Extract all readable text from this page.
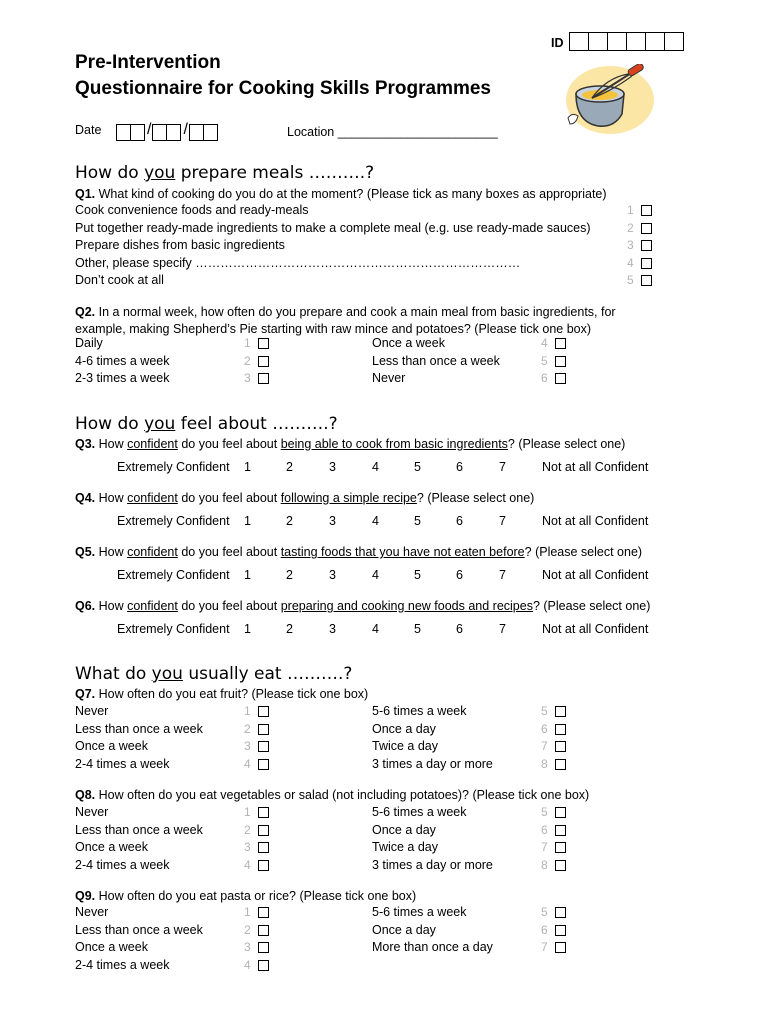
ID
Pre-Intervention
Questionnaire for Cooking Skills Programmes
Date	/ /	Location _______________________
How do you prepare meals ……….?
Q1. What kind of cooking do you do at the moment? (Please tick as many boxes as appropriate)
Cook convenience foods and ready-meals	1
Put together ready-made ingredients to make a complete meal (e.g. use ready-made sauces)	2
Prepare dishes from basic ingredients	3
Other, please specify ……………………………………………………………………	4
Don’t cook at all	5
Q2. In a normal week, how often do you prepare and cook a main meal from basic ingredients, for
example, making Shepherd’s Pie starting with raw mince and potatoes? (Please tick one box)
Daily	1
4-6 times a week	2
2-3 times a week	3
Once a week	4
Less than once a week	5
Never	6
How do you feel about ……….?
Q3. How confident do you feel about being able to cook from basic ingredients? (Please select one)
Extremely Confident 1	2	3	4	5	6	7	Not at all Confident
Q4. How confident do you feel about following a simple recipe? (Please select one)
Extremely Confident 1	2	3	4	5	6	7	Not at all Confident
Q5. How confident do you feel about tasting foods that you have not eaten before? (Please select one)
Extremely Confident 1	2	3	4	5	6	7	Not at all Confident
Q6. How confident do you feel about preparing and cooking new foods and recipes? (Please select one)
Extremely Confident 1	2	3	4	5	6	7	Not at all Confident
What do you usually eat ……….?
Q7. How often do you eat fruit? (Please tick one box)
Never	1
Less than once a week	2
Once a week	3
2-4 times a week	4
5-6 times a week	5
Once a day	6
Twice a day	7
3 times a day or more	8
Q8. How often do you eat vegetables or salad (not including potatoes)? (Please tick one box)
Never	1
Less than once a week	2
Once a week	3
2-4 times a week	4
5-6 times a week	5
Once a day	6
Twice a day	7
3 times a day or more	8
Q9. How often do you eat pasta or rice? (Please tick one box)
Never	1
Less than once a week	2
Once a week	3
2-4 times a week	4
5-6 times a week	5
Once a day	6
More than once a day	7
